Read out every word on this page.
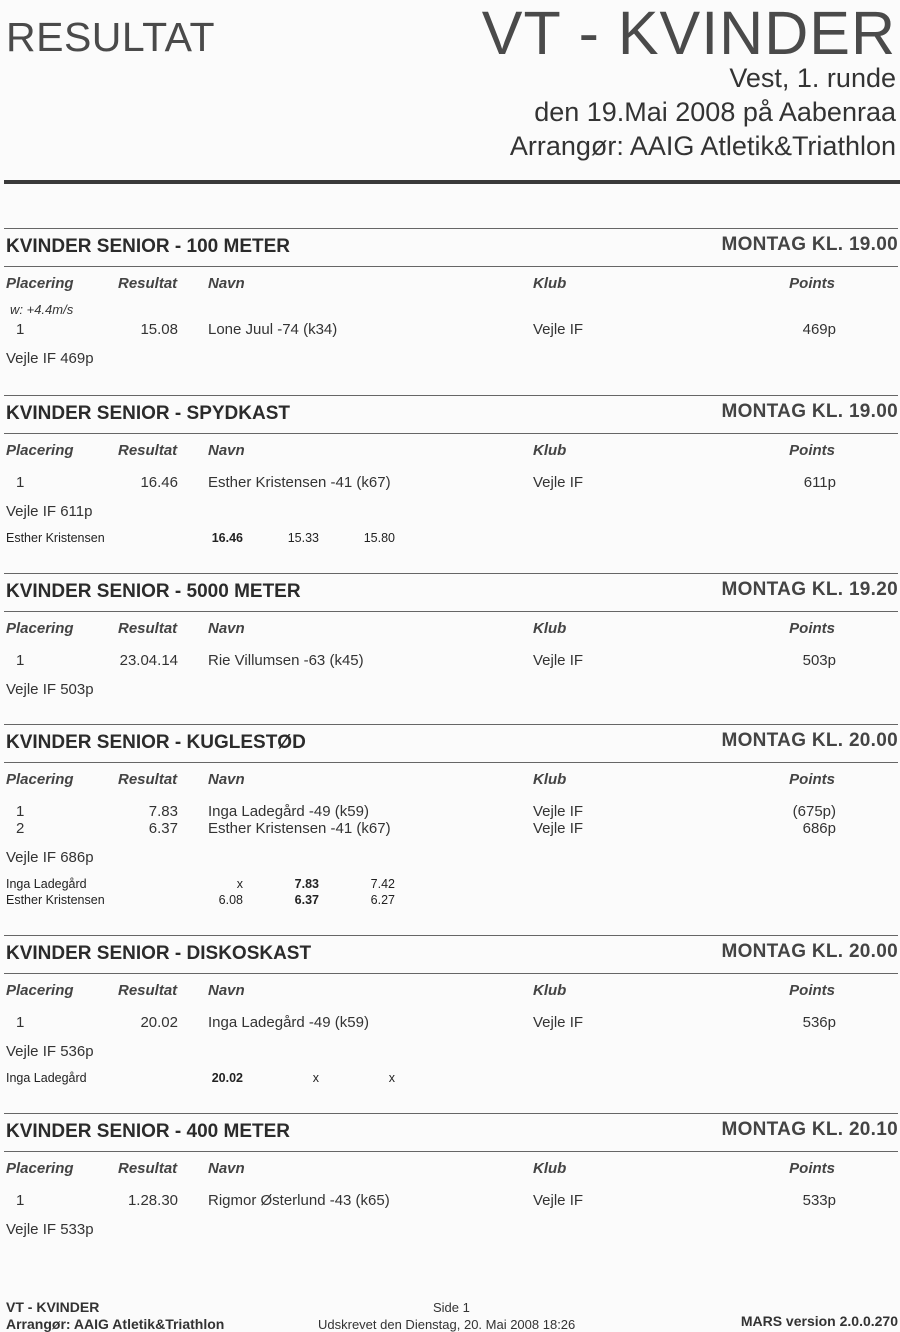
RESULTAT	VT - KVINDER
Vest, 1. runde
den 19.Mai 2008 på Aabenraa
Arrangør: AAIG Atletik&Triathlon
KVINDER SENIOR - 100 METER	MONTAG KL. 19.00
Placering	Resultat Navn	Klub	Points
w: +4.4m/s
1	15.08 Lone Juul -74 (k34)	Vejle IF	469p
Vejle IF 469p
KVINDER SENIOR - SPYDKAST	MONTAG KL. 19.00
Placering	Resultat Navn	Klub	Points
1	16.46 Esther Kristensen -41 (k67)	Vejle IF	611p
Vejle IF 611p
Esther Kristensen	16.46	15.33	15.80
KVINDER SENIOR - 5000 METER	MONTAG KL. 19.20
Placering	Resultat Navn	Klub	Points
1	23.04.14 Rie Villumsen -63 (k45)	Vejle IF	503p
Vejle IF 503p
KVINDER SENIOR - KUGLESTØD	MONTAG KL. 20.00
Placering	Resultat Navn	Klub	Points
1	7.83 Inga Ladegård -49 (k59)	Vejle IF	(675p)
2	6.37 Esther Kristensen -41 (k67)	Vejle IF	686p
Vejle IF 686p
Inga Ladegård	x	7.83	7.42
Esther Kristensen	6.08	6.37	6.27
KVINDER SENIOR - DISKOSKAST	MONTAG KL. 20.00
Placering	Resultat Navn	Klub	Points
1	20.02 Inga Ladegård -49 (k59)	Vejle IF	536p
Vejle IF 536p
Inga Ladegård	20.02	x	x
KVINDER SENIOR - 400 METER	MONTAG KL. 20.10
Placering	Resultat Navn	Klub	Points
1	1.28.30 Rigmor Østerlund -43 (k65)	Vejle IF	533p
Vejle IF 533p
VT - KVINDER
Arrangør: AAIG Atletik&Triathlon
Side 1
Udskrevet den Dienstag, 20. Mai 2008 18:26	MARS version 2.0.0.270
